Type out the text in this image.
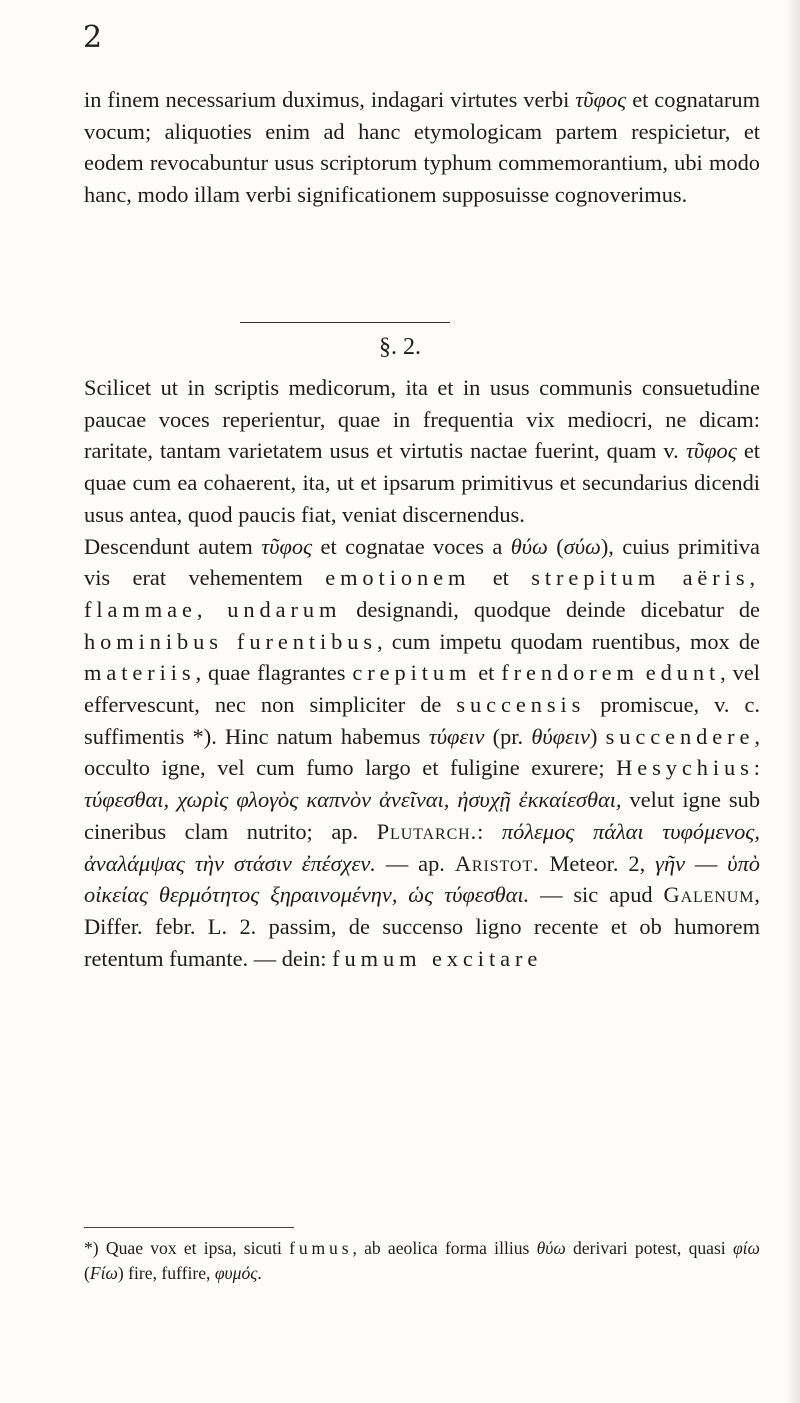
2

in finem necessarium duximus, indagari virtutes verbi τῦφος et cognatarum vocum; aliquoties enim ad hanc etymologicam partem respicietur, et eodem revocabuntur usus scriptorum typhum commemorantium, ubi modo hanc, modo illam verbi significationem supposuisse cognoverimus.

§. 2.

Scilicet ut in scriptis medicorum, ita et in usus communis consuetudine paucae voces reperientur, quae in frequentia vix mediocri, ne dicam: raritate, tantam varietatem usus et virtutis nactae fuerint, quam v. τῦφος et quae cum ea cohaerent, ita, ut et ipsarum primitivus et secundarius dicendi usus antea, quod paucis fiat, veniat discernendus.

Descendunt autem τῦφος et cognatae voces a θύω (σύω), cuius primitiva vis erat vehementem emotionem et strepitum aëris, flammae, undarum designandi, quodque deinde dicebatur de hominibus furentibus, cum impetu quodam ruentibus, mox de materiis, quae flagrantes crepitum et frendorem edunt, vel effervescunt, nec non simpliciter de succensis promiscue, v. c. suffimentis *). Hinc natum habemus τύφειν (pr. θύφειν) succendere, occulto igne, vel cum fumo largo et fuligine exurere; Hesychius: τύφεσθαι, χωρὶς φλογὸς καπνὸν ἀνεῖναι, ἠσυχῇ ἐκκαίεσθαι, velut igne sub cineribus clam nutrito; ap. Plutarch.: πόλεμος πάλαι τυφόμενος, ἀναλάμψας τὴν στάσιν ἐπέσχεν. — ap. Aristot. Meteor. 2, γῆν — ὑπὸ οἰκείας θερμότητος ξηραινομένην, ὡς τύφεσθαι. — sic apud Galenum, Differ. febr. L. 2. passim, de succenso ligno recente et ob humorem retentum fumante. — dein: fumum excitare

*) Quae vox et ipsa, sicuti fumus, ab aeolica forma illius θύω derivari potest, quasi φίω (Fίω) fire, fuffire, φυμός.
